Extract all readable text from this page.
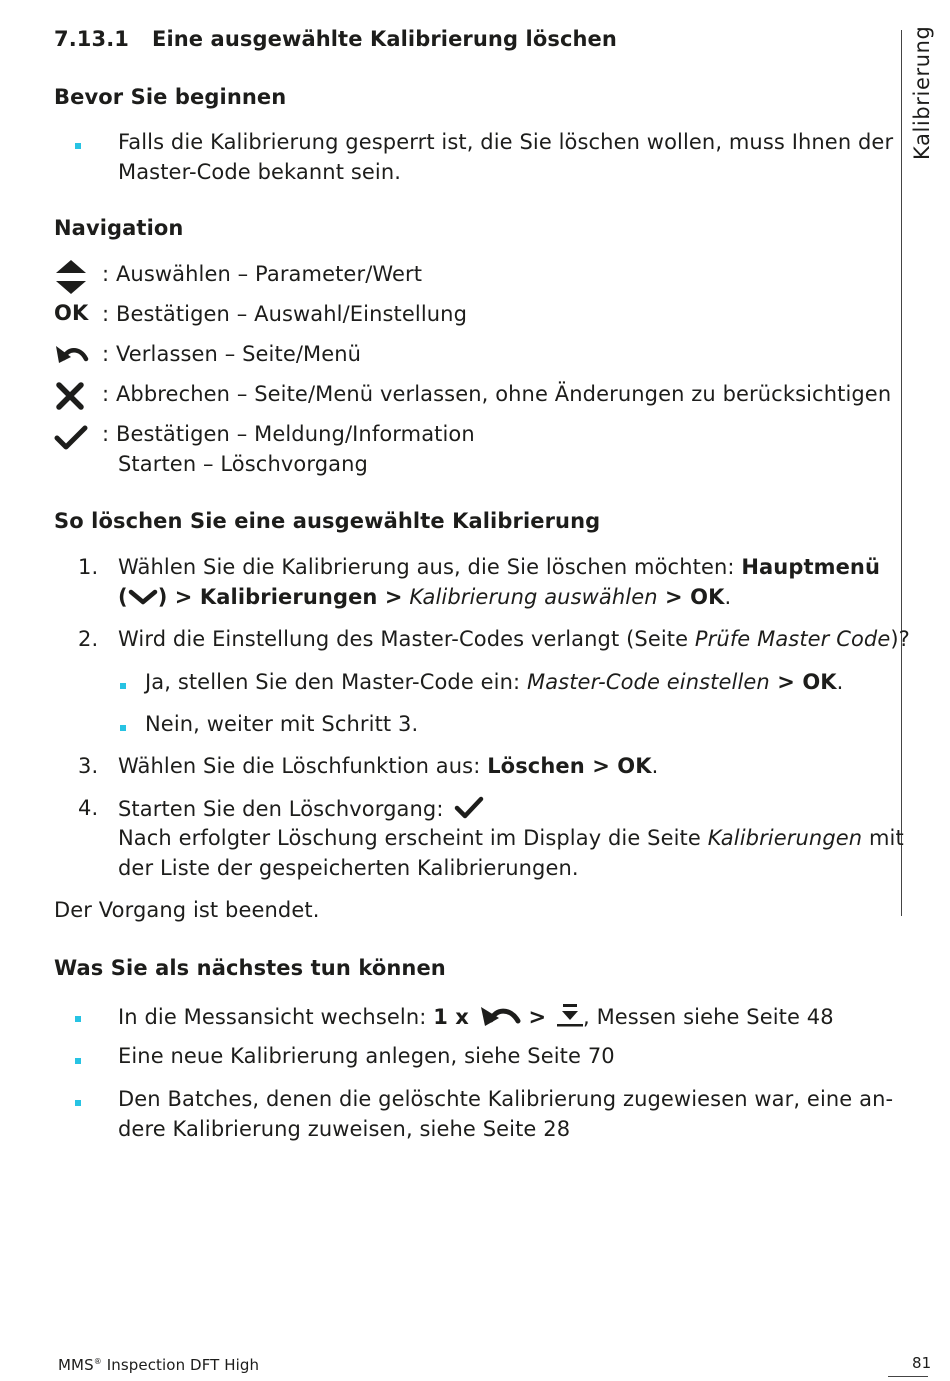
7.13.1 Eine ausgewählte Kalibrierung löschen	Kalibrierung
Bevor Sie beginnen
Falls die Kalibrierung gesperrt ist, die Sie löschen wollen, muss Ihnen der
Master-Code bekannt sein.
Navigation
: Auswählen – Parameter/Wert
OK : Bestätigen – Auswahl/Einstellung
: Verlassen – Seite/Menü
: Abbrechen – Seite/Menü verlassen, ohne Änderungen zu berücksichtigen
: Bestätigen – Meldung/Information
Starten – Löschvorgang
So löschen Sie eine ausgewählte Kalibrierung
1. Wählen Sie die Kalibrierung aus, die Sie löschen möchten: Hauptmenü
( ) > Kalibrierungen > Kalibrierung auswählen > OK.
2. Wird die Einstellung des Master-Codes verlangt (Seite Prüfe Master Code)?
Ja, stellen Sie den Master-Code ein: Master-Code einstellen > OK.
Nein, weiter mit Schritt 3.
3. Wählen Sie die Löschfunktion aus: Löschen > OK.
4. Starten Sie den Löschvorgang:
Nach erfolgter Löschung erscheint im Display die Seite Kalibrierungen mit
der Liste der gespeicherten Kalibrierungen.
Der Vorgang ist beendet.
Was Sie als nächstes tun können
In die Messansicht wechseln: 1 x	> , Messen siehe Seite 48
Eine neue Kalibrierung anlegen, siehe Seite 70
Den Batches, denen die gelöschte Kalibrierung zugewiesen war, eine an-
dere Kalibrierung zuweisen, siehe Seite 28
MMS® Inspection DFT High	81
